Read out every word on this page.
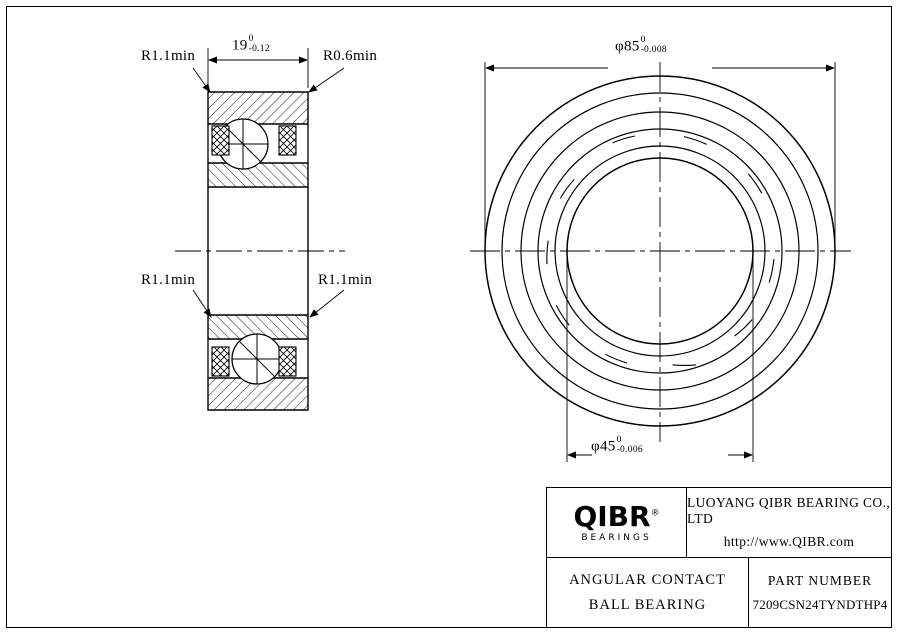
R1.1min	R0.6min
R1.1min	R1.1min
19 0
-0.12	φ85 0
-0.008
φ45 0
-0.006
QIBR®
BEARINGS
LUOYANG QIBR BEARING CO., LTD
http://www.QIBR.com
ANGULAR CONTACT
BALL BEARING
PART NUMBER
7209CSN24TYNDTHP4
